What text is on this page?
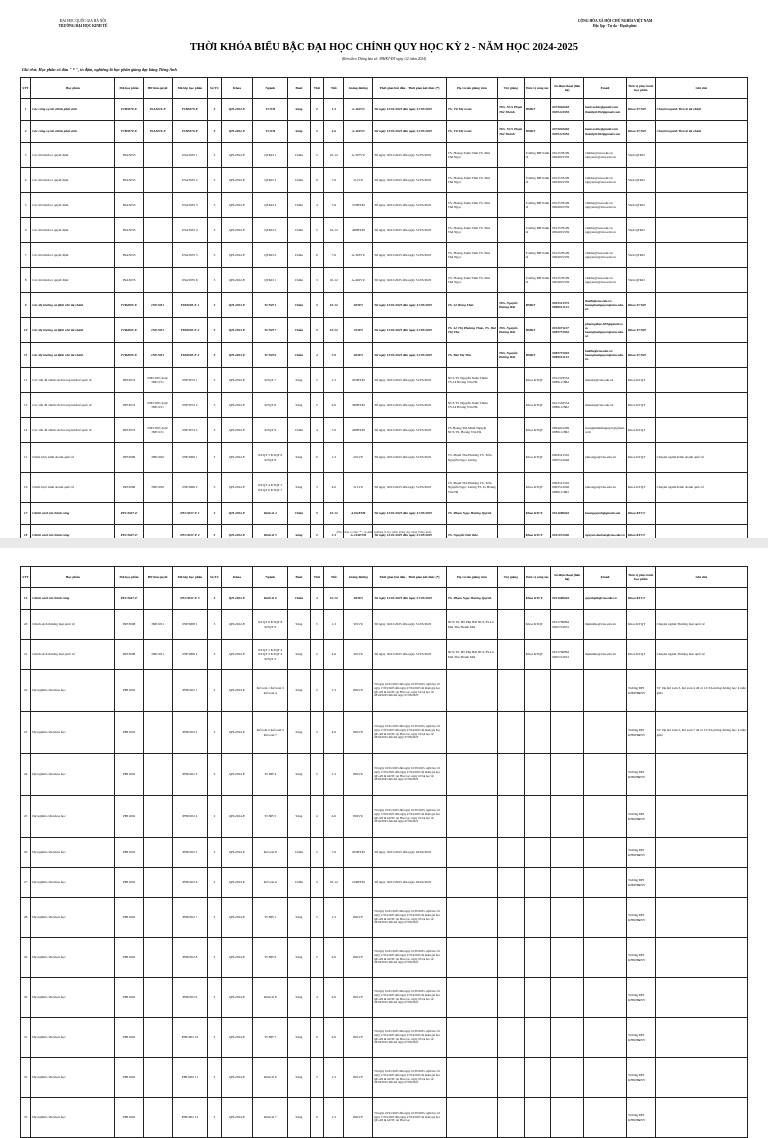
ĐẠI HỌC QUỐC GIA HÀ NỘI
TRƯỜNG ĐẠI HỌC KINH TẾ
CỘNG HÒA XÃ HỘI CHỦ NGHĨA VIỆT NAM
Độc lập - Tự do - Hạnh phúc
THỜI KHÓA BIỂU BẬC ĐẠI HỌC CHÍNH QUY HỌC KỲ 2 - NĂM HỌC 2024-2025
(Kèm theo Thông báo số: /ĐHKT-ĐT ngày /12 /năm 2024)
Ghi chú: Học phần có dấu " * ", in đậm, nghiêng là học phần giảng dạy bằng Tiếng Anh
STT	Học phần	Mã học phần	HP tiên quyết	Mã lớp học phần	Số TC	Khóa	Ngành	Buổi	Thứ	Tiết	Giảng đường	Thời gian bắt đầu - Thời gian kết thúc (*)	Họ và tên giảng viên	Trợ giảng	Đơn vị công tác	Số điện thoại (liên hệ)	Email	Đơn vị phụ trách học phần	Ghi chú
1	Các công cụ tài chính phái sinh	FIB3070-E	INA3019-E	FIB3070-E	3	QH-2022-E	TCNH	Sáng	2	1-3	A-404VU	Từ ngày 13/01/2025 đến ngày 31/05/2025	TS. Vũ Thị Loan	ThS. NCS Phạm Thế Thành	BMKT	0972062669 0905441956	loanvu.kttc@gmail.com thanhpt1992@gmail.com	Khoa TCNH	Chuyên ngành Tiền tệ tài chính
2	Các công cụ tài chính phái sinh	FIB3070-E	INA3019-E	FIB3070-E	3	QH-2022-E	TCNH	Sáng	3	4-6	A-404VU	Từ ngày 13/01/2025 đến ngày 31/05/2025	TS. Vũ Thị Loan	ThS. NCS Phạm Thế Thành	BMKT	0972062669 0905441956	loanvu.kttc@gmail.com thanhpt1992@gmail.com	Khoa TCNH	Chuyên ngành Tiền tệ tài chính
3	Các mô hình ra quyết định	INA3035		INA3035 1	3	QH-2022-E	QTKD 1	Chiều	5	10-12	A-307VU	Từ ngày 16/01/2025 đến ngày 31/05/2025	TS. Hoàng Xuân Vinh TS. Mai Thế Ngọc		Trường ĐH Kinh tế	0912578199 0904001559	vinhhx@vnu.edu.vn nguyenxt@vnu.edu.vn	Viện QTKD	
4	Các mô hình ra quyết định	INA3035		INA3035 2	3	QH-2022-E	QTKD 3	Chiều	6	7-9	211VU	Từ ngày 16/01/2025 đến ngày 31/05/2025	TS. Hoàng Xuân Vinh TS. Mai Thế Ngọc		Trường ĐH Kinh tế	0912578199 0904001559	vinhhx@vnu.edu.vn nguyenxt@vnu.edu.vn	Viện QTKD	
5	Các mô hình ra quyết định	INA3035		INA3035 3	3	QH-2022-E	QTKD 4	Chiều	4	7-9	102HTM	Từ ngày 16/01/2025 đến ngày 31/05/2025	TS. Hoàng Xuân Vinh TS. Mai Thế Ngọc		Trường ĐH Kinh tế	0912578199 0904001559	vinhhx@vnu.edu.vn nguyenxt@vnu.edu.vn	Viện QTKD	
6	Các mô hình ra quyết định	INA3035		INA3035 4	3	QH-2022-E	QTKD 5	Chiều	5	10-12	406HTM	Từ ngày 16/01/2025 đến ngày 31/05/2025	TS. Hoàng Xuân Vinh TS. Mai Thế Ngọc		Trường ĐH Kinh tế	0912578199 0904001559	vinhhx@vnu.edu.vn nguyenxt@vnu.edu.vn	Viện QTKD	
7	Các mô hình ra quyết định	INA3035		INA3035 5	3	QH-2022-E	QTKD 2	Chiều	6	7-9	A-303VU	Từ ngày 16/01/2025 đến ngày 31/05/2025	TS. Hoàng Xuân Vinh TS. Mai Thế Ngọc		Trường ĐH Kinh tế	0912578199 0904001559	vinhhx@vnu.edu.vn nguyenxt@vnu.edu.vn	Viện QTKD	
8	Các mô hình ra quyết định	INA3035		INA3035 6	3	QH-2022-E	QTKD 1	Chiều	3	10-12	A-402VU	Từ ngày 16/01/2025 đến ngày 31/05/2025	TS. Hoàng Xuân Vinh TS. Mai Thế Ngọc		Trường ĐH Kinh tế	0912578199 0904001559	vinhhx@vnu.edu.vn nguyenxt@vnu.edu.vn	Viện QTKD	
9	Các thị trường và định chế tài chính	FIB2005-E	INE1051	FIB2005-E 1	3	QH-2023-E	TCNH 1	Chiều	3	10-12	603E5	Từ ngày 13/01/2025 đến ngày 31/05/2025	TS. Lê Hồng Thái	ThS. Nguyễn Hương Hải	BMKT	0904514572 0989911143	thaiht@vnu.edu.vn huonghainguyen@vnu.edu.vn	Khoa TCNH	
10	Các thị trường và định chế tài chính	FIB2005-E	INE1051	FIB2005-E 2	3	QH-2023-E	TCNH 7	Chiều	5	10-12	704E5	Từ ngày 13/01/2025 đến ngày 31/05/2025	TS. Lê Thị Phương Thảo, TS. Bùi Thị Thu	ThS. Nguyễn Hương Hải	BMKT	0912871137 0985751992	phuongthao.lt55@gmail.com huonghainguyen@vnu.edu.vn	Khoa TCNH	
11	Các thị trường và định chế tài chính	FIB2005-E	INE1051	FIB2005-E 3	3	QH-2023-E	TCNH 6	Chiều	4	7-9	604E5	Từ ngày 13/01/2025 đến ngày 31/05/2025	TS. Bùi Thị Thu	ThS. Nguyễn Hương Hải	BMKT	0985751992 0989911143	buithu@vnu.edu.vn huonghainguyen@vnu.edu.vn	Khoa TCNH	
12	Các vấn đề chính sách trong kinh tế quốc tế	INE3074	INE1050; hoặc INE1151	INE3074 1	3	QH-2022-E	KTQT 7	Sáng	5	1-3	205HTM	Từ ngày 16/01/2025 đến ngày 31/05/2025	NCS.TS Nguyễn Xuân Thiên TS.Lê Hoàng Văn Hà		Khoa KTQT	0912318554 0989111862	thiennx@vnu.edu.vn	Khoa KTQT	
13	Các vấn đề chính sách trong kinh tế quốc tế	INE3074	INE1050; hoặc INE1151	INE3074 2	3	QH-2022-E	KTQT 8	Sáng	2	4-6	300HTM	Từ ngày 16/01/2025 đến ngày 31/05/2025	NCS.TS Nguyễn Xuân Thiên TS.Lê Hoàng Văn Hà		Khoa KTQT	0912318554 0989111862	thiennx@vnu.edu.vn	Khoa KTQT	
14	Các vấn đề chính sách trong kinh tế quốc tế	INE3074	INE1050; hoặc INE1151	INE3074 3	3	QH-2022-E	KTQT 9	Chiều	4	7-9	206HTM	Từ ngày 16/01/2025 đến ngày 31/05/2025	TS Hoàng Thị Minh Nguyệt NCS.TS. Hoàng Văn Hà		Khoa KTQT	0904001299 0989111862	hoangthiminhnguyet@gmail.com	Khoa KTQT	
15	Chiến lược kinh doanh quốc tế	INE3069	INE1050	INE3069 1	3	QH-2022-E	KTQT 5 KTQT 6 KTQT 8	Sáng	6	1-3	201VU	Từ ngày 16/01/2025 đến ngày 31/05/2025	TS. Phạm Thu Phương TS. Trần Nguyễn Ngọc Lương		Khoa KTQT	0904521545 0905512046	phuongpt@vnu.edu.vn	Khoa KTQT	Chuyên ngành Kinh doanh quốc tế
16	Chiến lược kinh doanh quốc tế	INE3069	INE1050	INE3069 2	3	QH-2022-E	KTQT 4 KTQT 5 KTQT 6 KTQT 7	Sáng	3	4-6	211VU	Từ ngày 16/01/2025 đến ngày 31/05/2025	TS. Phạm Thu Phương TS. Trần Nguyễn Ngọc Lương TS.Tạ Hoàng Văn Hà		Khoa KTQT	0904521545 0905512046 0989111862	phuongpt@vnu.edu.vn	Khoa KTQT	Chuyên ngành Kinh doanh quốc tế
17	Chính sách tài chính công	PEC3027-E		PEC3027-E 1	3	QH-2022-E	Kinh tế 4	Chiều	5	10-12	A104E5M	Từ ngày 13/01/2025 đến ngày 31/05/2025	TS. Phạm Ngọc Hương Quỳnh		Khoa KTCT	0914689662	huongquynh@gmail.com	Khoa KTCT	
18	Chính sách tài chính công	PEC3027-E		PEC3027-E 2	3	QH-2022-E	Kinh tế 5	Sáng	2	1-3	A-104E5M	Từ ngày 13/01/2025 đến ngày 31/05/2025	TS. Nguyễn Đức Bảo		Khoa KTCT	0911672366	nguyen.ducbao@vnu.edu.vn	Khoa KTCT	
(Học phần có dấu "*", in đậm, nghiêng là học phần giảng dạy bằng Tiếng Anh)
STT	Học phần	Mã học phần	HP tiên quyết	Mã lớp học phần	Số TC	Khóa	Ngành	Buổi	Thứ	Tiết	Giảng đường	Thời gian bắt đầu - Thời gian kết thúc (*)	Họ và tên giảng viên	Trợ giảng	Đơn vị công tác	Số điện thoại (liên hệ)	Email	Đơn vị phụ trách học phần	Ghi chú
19	Chính sách tài chính công	PEC3027-E		PEC3027-E 3	3	QH-2022-E	Kinh tế 6	Chiều	4	10-12	603E5	Từ ngày 13/01/2025 đến ngày 31/05/2025	TS. Phạm Ngọc Hương Quỳnh		Khoa KTCT	0914689662	quynhpth@vnu.edu.vn	Khoa KTCT	
20	Chính sách thương mại quốc tế	INE3008	INE1051	INE3008 1	3	QH-2022-E	KTQT 6 KTQT 8 KTQT 9	Sáng	5	1-3	301VU	Từ ngày 16/01/2025 đến ngày 31/05/2025	NCS.TS. Hồ Phú Hải NCS.TS.Lê Mai Thu Thanh Mai		Khoa KTQT	0912769862 0905741631	thpkinhte@vnu.edu.vn	Khoa KTQT	Chuyên ngành Thương mại quốc tế
21	Chính sách thương mại quốc tế	INE3008	INE1051	INE3008 2	3	QH-2022-E	KTQT 1 KTQT 2 KTQT 3 KTQT 4 KTQT 5	Sáng	2	4-6	301VU	Từ ngày 16/01/2025 đến ngày 31/05/2025	NCS.TS. Hồ Phú Hải NCS.TS.Lê Mai Thu Thanh Mai		Khoa KTQT	0912769862 0905741631	thpkinhte@vnu.edu.vn	Khoa KTQT	Chuyên ngành Thương mại quốc tế
22	Dự nghiên cứu khoa học	PHI1002		PHI1002 1	2	QH-2024-E	Kế toán 1 Kế toán 3 Kế toán 4	Sáng	2	1-3	802VU	Từ ngày 16/01/2025 đến ngày 10/05/2025, nghỉ học từ ngày 17/03/2025 đến ngày 27/04/2025 để tham gia học QP-AN & GDTC tại Hòa Lạc, ngày trở lại học từ 28/04/2025 đến hết ngày 07/06/2025						Trường ĐH KHXH&NV	SV lớp Kế toán 3, Kế toán 4 đã có CCTA tương đương học 4 tuần giữa
23	Dự nghiên cứu khoa học	PHI1002		PHI1002 2	2	QH-2024-E	Kế toán 2 Kế toán 5 Kế toán 7	Sáng	3	4-6	802VU	Từ ngày 16/01/2025 đến ngày 10/05/2025, nghỉ học từ ngày 17/03/2025 đến ngày 27/04/2025 để tham gia học QP-AN & GDTC tại Hòa Lạc, ngày trở lại học từ 28/04/2025 đến hết ngày 07/06/2025						Trường ĐH KHXH&NV	SV lớp Kế toán 5, Kế toán 7 đã có CCTA tương đương học 4 tuần giữa
24	Dự nghiên cứu khoa học	PHI1002		PHI1002 3	2	QH-2024-E	TCNH 4	Sáng	5	1-3	802VU	Từ ngày 16/01/2025 đến ngày 10/05/2025, nghỉ học từ ngày 17/03/2025 đến ngày 27/04/2025 để tham gia học QP-AN & GDTC tại Hòa Lạc, ngày trở lại học từ 28/04/2025 đến hết ngày 07/06/2025						Trường ĐH KHXH&NV	
25	Dự nghiên cứu khoa học	PHI1002		PHI1002 4	2	QH-2024-E	TCNH 5	Sáng	4	4-6	802VU	Từ ngày 16/01/2025 đến ngày 10/05/2025, nghỉ học từ ngày 17/03/2025 đến ngày 27/04/2025 để tham gia học QP-AN & GDTC tại Hòa Lạc, ngày trở lại học từ 28/04/2025 đến hết ngày 07/06/2025						Trường ĐH KHXH&NV	
26	Dự nghiên cứu khoa học	PHI1002		PHI1002 5	2	QH-2024-E	Kế toán 8	Chiều	2	7-9	205HTM	Từ ngày 16/01/2025 đến ngày 26/04/2025						Trường ĐH KHXH&NV	
27	Dự nghiên cứu khoa học	PHI1002		PHI1002 6	2	QH-2024-E	Kế toán 6	Chiều	3	10-12	104HTM	Từ ngày 16/01/2025 đến ngày 26/04/2025						Trường ĐH KHXH&NV	
28	Dự nghiên cứu khoa học	PHI1002		PHI1002 7	2	QH-2024-E	TCNH 1	Sáng	5	1-3	802VU	Từ ngày 16/01/2025 đến ngày 10/05/2025, nghỉ học từ ngày 17/03/2025 đến ngày 27/04/2025 để tham gia học QP-AN & GDTC tại Hòa Lạc, ngày trở lại học từ 28/04/2025 đến hết ngày 07/06/2025						Trường ĐH KHXH&NV	
29	Dự nghiên cứu khoa học	PHI1002		PHI1002 8	2	QH-2024-E	TCNH 6	Sáng	2	4-6	802VU	Từ ngày 16/01/2025 đến ngày 10/05/2025, nghỉ học từ ngày 17/03/2025 đến ngày 27/04/2025 để tham gia học QP-AN & GDTC tại Hòa Lạc, ngày trở lại học từ 28/04/2025 đến hết ngày 07/06/2025						Trường ĐH KHXH&NV	
30	Dự nghiên cứu khoa học	PHI1002		PHI1002 9	2	QH-2024-E	Kinh tế 8	Sáng	4	4-6	801VU	Từ ngày 16/01/2025 đến ngày 10/05/2025, nghỉ học từ ngày 17/03/2025 đến ngày 27/04/2025 để tham gia học QP-AN & GDTC tại Hòa Lạc, ngày trở lại học từ 28/04/2025 đến hết ngày 07/06/2025						Trường ĐH KHXH&NV	
31	Dự nghiên cứu khoa học	PHI1002		PHI1002 10	2	QH-2024-E	TCNH 7	Sáng	6	4-6	801VU	Từ ngày 16/01/2025 đến ngày 10/05/2025, nghỉ học từ ngày 17/03/2025 đến ngày 27/04/2025 để tham gia học QP-AN & GDTC tại Hòa Lạc, ngày trở lại học từ 28/04/2025 đến hết ngày 07/06/2025						Trường ĐH KHXH&NV	
32	Dự nghiên cứu khoa học	PHI1002		PHI1002 11	2	QH-2024-E	Kinh tế 6	Sáng	3	1-3	801VU	Từ ngày 16/01/2025 đến ngày 10/05/2025, nghỉ học từ ngày 17/03/2025 đến ngày 27/04/2025 để tham gia học QP-AN & GDTC tại Hòa Lạc, ngày trở lại học từ 28/04/2025 đến hết ngày 07/06/2025						Trường ĐH KHXH&NV	
33	Dự nghiên cứu khoa học	PHI1002		PHI1002 12	2	QH-2024-E	Kinh tế 7	Sáng	6	1-3	802VU	Từ ngày 16/01/2025 đến ngày 10/05/2025, nghỉ học từ ngày 17/03/2025 đến ngày 27/04/2025 để tham gia học QP-AN & GDTC tại Hòa Lạc						Trường ĐH KHXH&NV	
